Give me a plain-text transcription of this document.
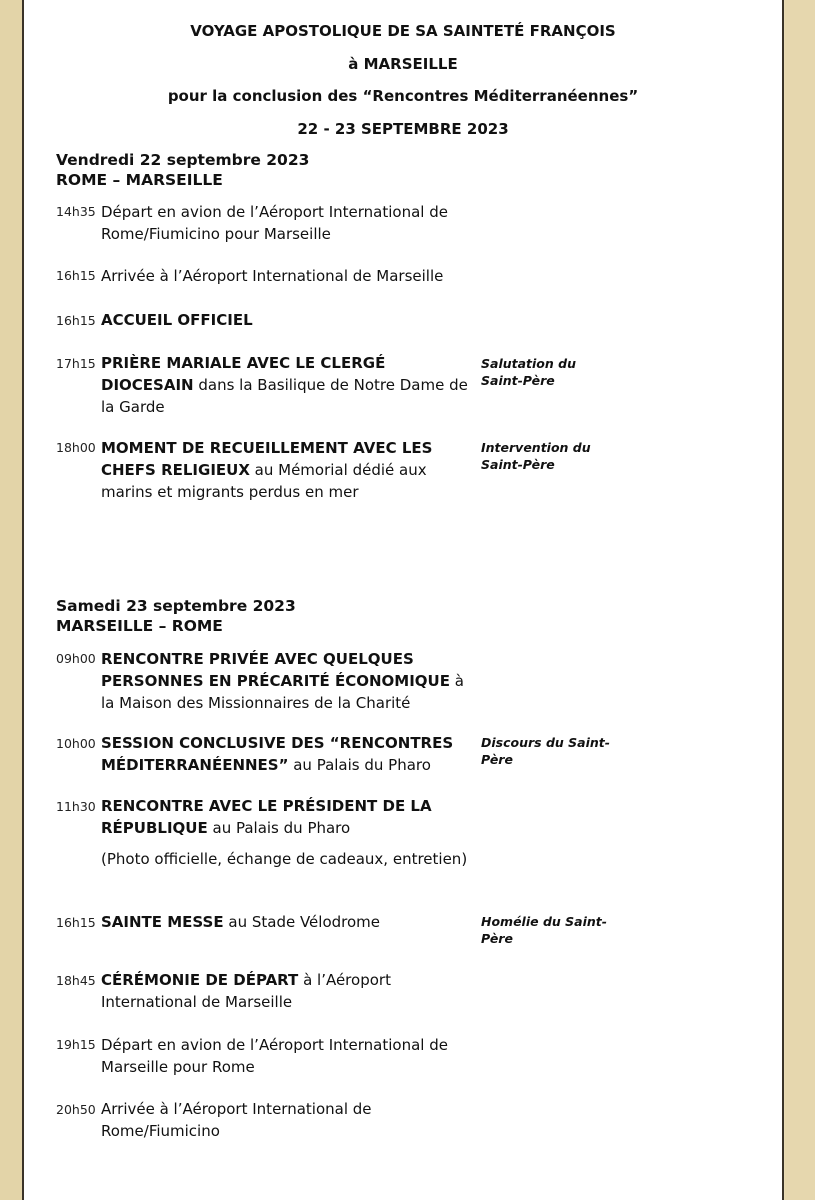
VOYAGE APOSTOLIQUE DE SA SAINTETÉ FRANÇOIS
à MARSEILLE
pour la conclusion des “Rencontres Méditerranéennes”
22 - 23 SEPTEMBRE 2023
Vendredi 22 septembre 2023
ROME – MARSEILLE
14h35 Départ en avion de l’Aéroport International de Rome/Fiumicino pour Marseille
16h15 Arrivée à l’Aéroport International de Marseille
16h15 ACCUEIL OFFICIEL
17h15 PRIÈRE MARIALE AVEC LE CLERGÉ DIOCESAIN dans la Basilique de Notre Dame de la Garde
Salutation du Saint-Père
18h00 MOMENT DE RECUEILLEMENT AVEC LES CHEFS RELIGIEUX au Mémorial dédié aux marins et migrants perdus en mer
Intervention du Saint-Père
Samedi 23 septembre 2023
MARSEILLE – ROME
09h00 RENCONTRE PRIVÉE AVEC QUELQUES PERSONNES EN PRÉCARITÉ ÉCONOMIQUE à la Maison des Missionnaires de la Charité
10h00 SESSION CONCLUSIVE DES “RENCONTRES MÉDITERRANÉENNES” au Palais du Pharo
Discours du Saint-Père
11h30 RENCONTRE AVEC LE PRÉSIDENT DE LA RÉPUBLIQUE au Palais du Pharo
(Photo officielle, échange de cadeaux, entretien)
16h15 SAINTE MESSE au Stade Vélodrome	Homélie du Saint-Père
18h45 CÉRÉMONIE DE DÉPART à l’Aéroport International de Marseille
19h15 Départ en avion de l’Aéroport International de Marseille pour Rome
20h50 Arrivée à l’Aéroport International de Rome/Fiumicino
